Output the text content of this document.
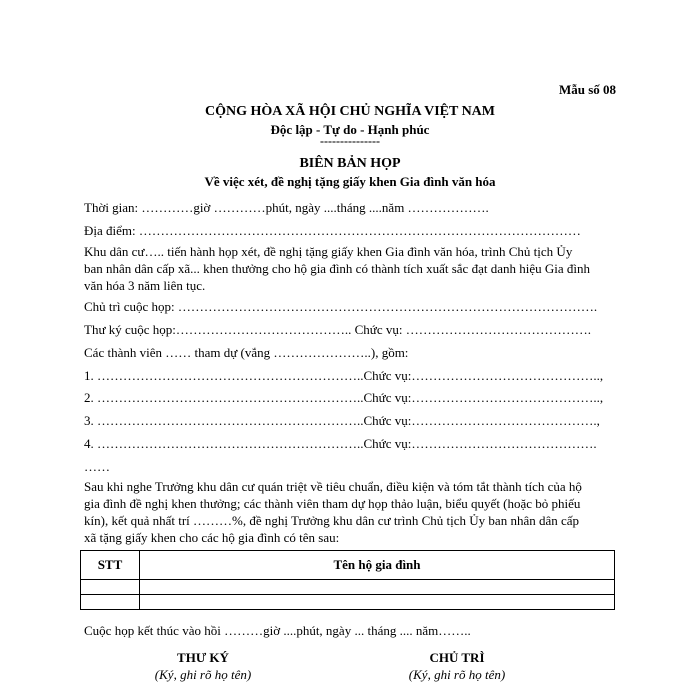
Mẫu số 08
CỘNG HÒA XÃ HỘI CHỦ NGHĨA VIỆT NAM
Độc lập - Tự do - Hạnh phúc
---------------
BIÊN BẢN HỌP
Về việc xét, đề nghị tặng giấy khen Gia đình văn hóa
Thời gian: …………giờ …………phút, ngày ....tháng ....năm ……………….
Địa điểm: …………………………………………………………………………………………
Khu dân cư….. tiến hành họp xét, đề nghị tặng giấy khen Gia đình văn hóa, trình Chủ tịch Ủy
ban nhân dân cấp xã... khen thưởng cho hộ gia đình có thành tích xuất sắc đạt danh hiệu Gia đình
văn hóa 3 năm liên tục.
Chủ trì cuộc họp: …………………………………………………………………………………….
Thư ký cuộc họp:………………………………….. Chức vụ: …………………………………….
Các thành viên …… tham dự (vắng …………………..), gồm:
1. ……………………………………………………..Chức vụ:……………………………………..,
2. ……………………………………………………..Chức vụ:……………………………………..,
3. ……………………………………………………..Chức vụ:…………………………………….,
4. ……………………………………………………..Chức vụ:…………………………………….
……
Sau khi nghe Trưởng khu dân cư quán triệt về tiêu chuẩn, điều kiện và tóm tắt thành tích của hộ
gia đình đề nghị khen thưởng; các thành viên tham dự họp thảo luận, biểu quyết (hoặc bỏ phiếu
kín), kết quả nhất trí ………%, đề nghị Trưởng khu dân cư trình Chủ tịch Ủy ban nhân dân cấp
xã tặng giấy khen cho các hộ gia đình có tên sau:
STT	Tên hộ gia đình

Cuộc họp kết thúc vào hồi ………giờ ....phút, ngày ... tháng .... năm……..
THƯ KÝ
(Ký, ghi rõ họ tên)
CHỦ TRÌ
(Ký, ghi rõ họ tên)
